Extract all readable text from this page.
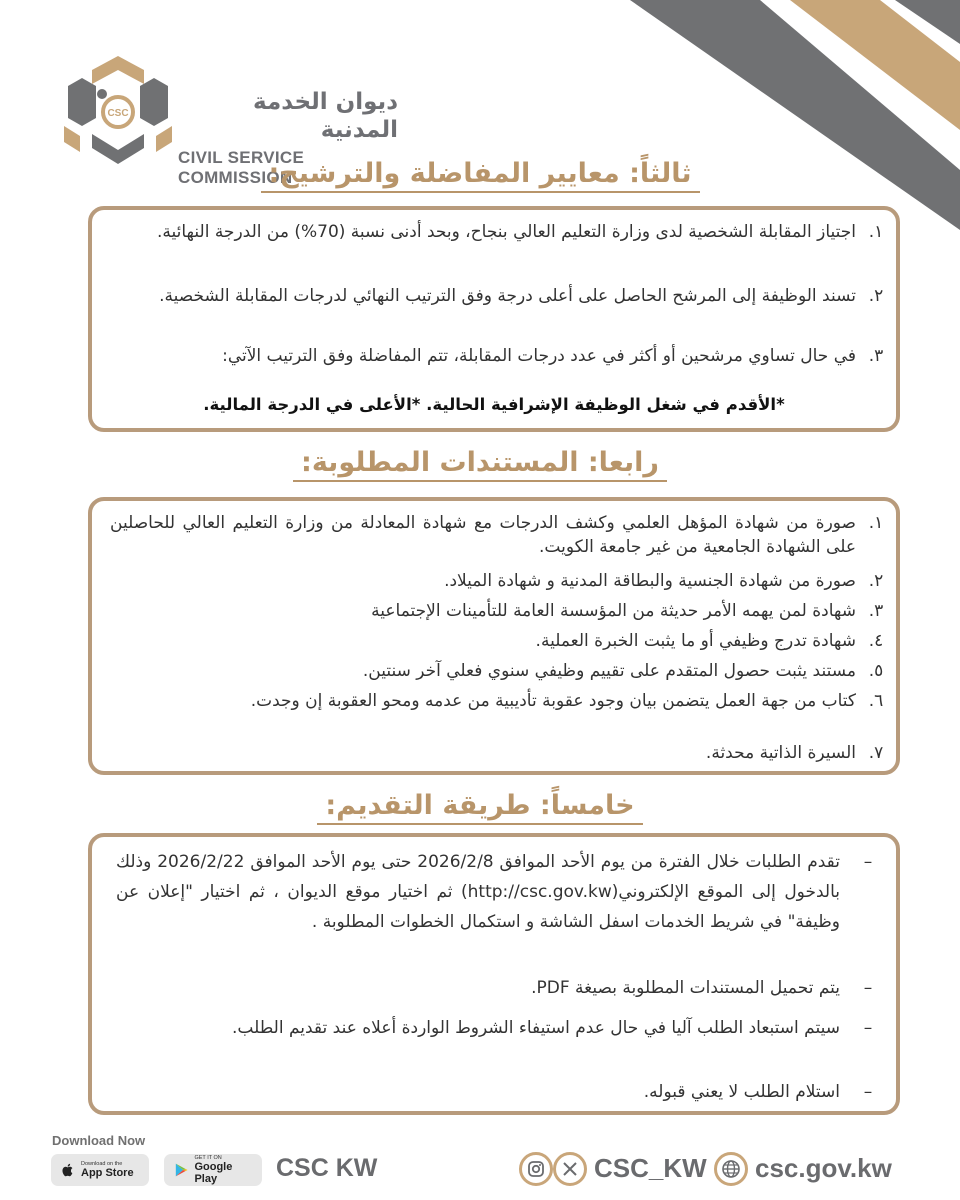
CSC	ديوان الخدمة المدنية
CIVIL SERVICE COMMISSION
ثالثاً: معايير المفاضلة والترشيح:
١.
اجتياز المقابلة الشخصية لدى وزارة التعليم العالي بنجاح، وبحد أدنى نسبة (70%) من الدرجة النهائية.
٢.
تسند الوظيفة إلى المرشح الحاصل على أعلى درجة وفق الترتيب النهائي لدرجات المقابلة الشخصية.
٣.
في حال تساوي مرشحين أو أكثر في عدد درجات المقابلة، تتم المفاضلة وفق الترتيب الآتي:
*الأقدم في شغل الوظيفة الإشرافية الحالية. *الأعلى في الدرجة المالية.
رابعا: المستندات المطلوبة:
١.
صورة من شهادة المؤهل العلمي وكشف الدرجات مع شهادة المعادلة من وزارة التعليم العالي للحاصلين على الشهادة الجامعية من غير جامعة الكويت.
٢.
صورة من شهادة الجنسية والبطاقة المدنية و شهادة الميلاد.
٣.
شهادة لمن يهمه الأمر حديثة من المؤسسة العامة للتأمينات الإجتماعية
٤.
شهادة تدرج وظيفي أو ما يثبت الخبرة العملية.
٥.
مستند يثبت حصول المتقدم على تقييم وظيفي سنوي فعلي آخر سنتين.
٦.
كتاب من جهة العمل يتضمن بيان وجود عقوبة تأديبية من عدمه ومحو العقوبة إن وجدت.
٧.
السيرة الذاتية محدثة.
خامساً: طريقة التقديم:
–
تقدم الطلبات خلال الفترة من يوم الأحد الموافق 2026/2/8 حتى يوم الأحد الموافق 2026/2/22 وذلك بالدخول إلى الموقع الإلكتروني(http://csc.gov.kw) ثم اختيار موقع الديوان ، ثم اختيار "إعلان عن وظيفة" في شريط الخدمات اسفل الشاشة و استكمال الخطوات المطلوبة .
–
يتم تحميل المستندات المطلوبة بصيغة PDF.
–
سيتم استبعاد الطلب آليا في حال عدم استيفاء الشروط الواردة أعلاه عند تقديم الطلب.
–
استلام الطلب لا يعني قبوله.
Download Now
Download on the
App Store
GET IT ON
Google Play	CSC KW	CSC_KW csc.gov.kw
